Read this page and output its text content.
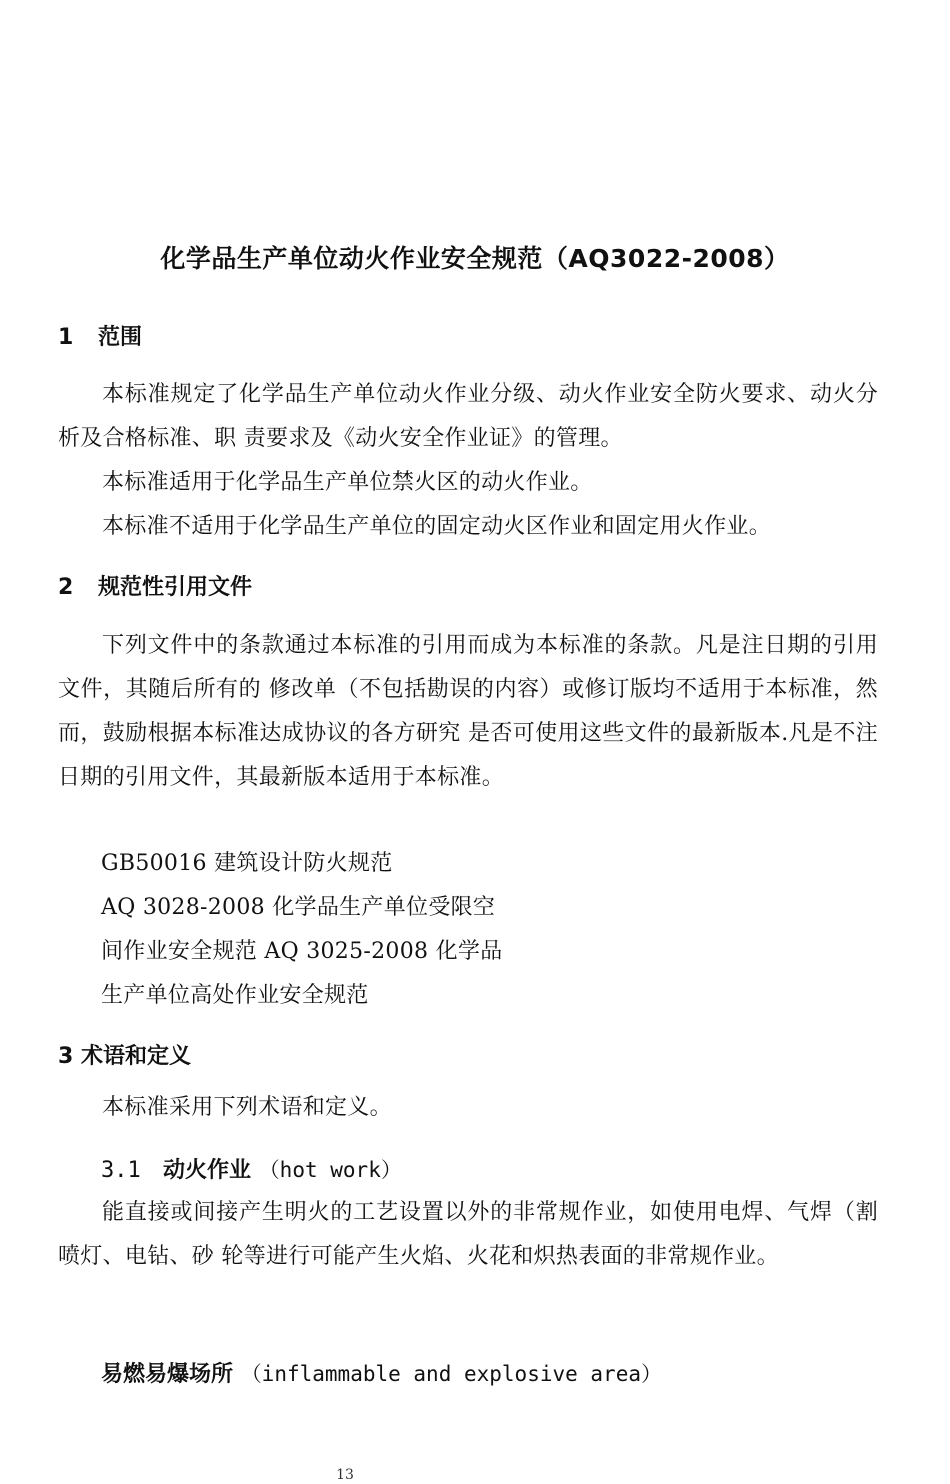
化学品生产单位动火作业安全规范（AQ3022-2008）
1 范围
本标准规定了化学品生产单位动火作业分级、动火作业安全防火要求、动火分析及合格标准、职 责要求及《动火安全作业证》的管理。
本标准适用于化学品生产单位禁火区的动火作业。
本标准不适用于化学品生产单位的固定动火区作业和固定用火作业。
2 规范性引用文件
下列文件中的条款通过本标准的引用而成为本标准的条款。凡是注日期的引用文件，其随后所有的 修改单（不包括勘误的内容）或修订版均不适用于本标准，然而，鼓励根据本标准达成协议的各方研究 是否可使用这些文件的最新版本.凡是不注日期的引用文件，其最新版本适用于本标准。
GB50016 建筑设计防火规范
AQ 3028-2008 化学品生产单位受限空
间作业安全规范 AQ 3025-2008 化学品
生产单位高处作业安全规范
3 术语和定义
本标准采用下列术语和定义。
3.1 动火作业 （hot work）
能直接或间接产生明火的工艺设置以外的非常规作业，如使用电焊、气焊（割喷灯、电钻、砂 轮等进行可能产生火焰、火花和炽热表面的非常规作业。
易燃易爆场所 （inflammable and explosive area）
13
